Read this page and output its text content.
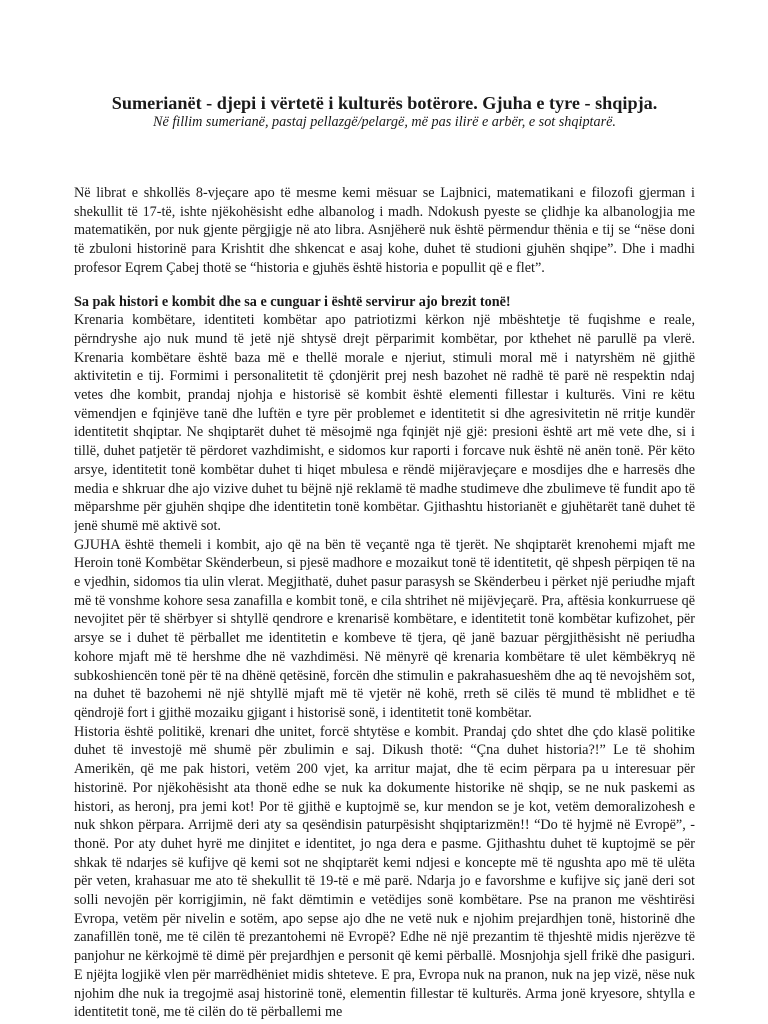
Sumerianët - djepi i vërtetë i kulturës botërore. Gjuha e tyre - shqipja.

Në fillim sumerianë, pastaj pellazgë/pelargë, më pas ilirë e arbër, e sot shqiptarë.

Në librat e shkollës 8-vjeçare apo të mesme kemi mësuar se Lajbnici, matematikani e filozofi gjerman i shekullit të 17-të, ishte njëkohësisht edhe albanolog i madh. Ndokush pyeste se çlidhje ka albanologjia me matematikën, por nuk gjente përgjigje në ato libra. Asnjëherë nuk është përmendur thënia e tij se “nëse doni të zbuloni historinë para Krishtit dhe shkencat e asaj kohe, duhet të studioni gjuhën shqipe”. Dhe i madhi profesor Eqrem Çabej thotë se “historia e gjuhës është historia e popullit që e flet”.

Sa pak histori e kombit dhe sa e cunguar i është servirur ajo brezit tonë!

Krenaria kombëtare, identiteti kombëtar apo patriotizmi kërkon një mbështetje të fuqishme e reale, përndryshe ajo nuk mund të jetë një shtysë drejt përparimit kombëtar, por kthehet në parullë pa vlerë. Krenaria kombëtare është baza më e thellë morale e njeriut, stimuli moral më i natyrshëm në gjithë aktivitetin e tij. Formimi i personalitetit të çdonjërit prej nesh bazohet në radhë të parë në respektin ndaj vetes dhe kombit, prandaj njohja e historisë së kombit është elementi fillestar i kulturës. Vini re këtu vëmendjen e fqinjëve tanë dhe luftën e tyre për problemet e identitetit si dhe agresivitetin në rritje kundër identitetit shqiptar. Ne shqiptarët duhet të mësojmë nga fqinjët një gjë: presioni është art më vete dhe, si i tillë, duhet patjetër të përdoret vazhdimisht, e sidomos kur raporti i forcave nuk është në anën tonë. Për këto arsye, identitetit tonë kombëtar duhet ti hiqet mbulesa e rëndë mijëravjeçare e mosdijes dhe e harresës dhe media e shkruar dhe ajo vizive duhet tu bëjnë një reklamë të madhe studimeve dhe zbulimeve të fundit apo të mëparshme për gjuhën shqipe dhe identitetin tonë kombëtar. Gjithashtu historianët e gjuhëtarët tanë duhet të jenë shumë më aktivë sot.

GJUHA është themeli i kombit, ajo që na bën të veçantë nga të tjerët. Ne shqiptarët krenohemi mjaft me Heroin tonë Kombëtar Skënderbeun, si pjesë madhore e mozaikut tonë të identitetit, që shpesh përpiqen të na e vjedhin, sidomos tia ulin vlerat. Megjithatë, duhet pasur parasysh se Skënderbeu i përket një periudhe mjaft më të vonshme kohore sesa zanafilla e kombit tonë, e cila shtrihet në mijëvjeçarë. Pra, aftësia konkurruese që nevojitet për të shërbyer si shtyllë qendrore e krenarisë kombëtare, e identitetit tonë kombëtar kufizohet, për arsye se i duhet të përballet me identitetin e kombeve të tjera, që janë bazuar përgjithësisht në periudha kohore mjaft më të hershme dhe në vazhdimësi. Në mënyrë që krenaria kombëtare të ulet këmbëkryq në subkoshiencën tonë për të na dhënë qetësinë, forcën dhe stimulin e pakrahasueshëm dhe aq të nevojshëm sot, na duhet të bazohemi në një shtyllë mjaft më të vjetër në kohë, rreth së cilës të mund të mblidhet e të qëndrojë fort i gjithë mozaiku gjigant i historisë sonë, i identitetit tonë kombëtar.

Historia është politikë, krenari dhe unitet, forcë shtytëse e kombit. Prandaj çdo shtet dhe çdo klasë politike duhet të investojë më shumë për zbulimin e saj. Dikush thotë: “Çna duhet historia?!” Le të shohim Amerikën, që me pak histori, vetëm 200 vjet, ka arritur majat, dhe të ecim përpara pa u interesuar për historinë. Por njëkohësisht ata thonë edhe se nuk ka dokumente historike në shqip, se ne nuk paskemi as histori, as heronj, pra jemi kot! Por të gjithë e kuptojmë se, kur mendon se je kot, vetëm demoralizohesh e nuk shkon përpara. Arrijmë deri aty sa qesëndisin paturpësisht shqiptarizmën!! “Do të hyjmë në Evropë”, - thonë. Por aty duhet hyrë me dinjitet e identitet, jo nga dera e pasme. Gjithashtu duhet të kuptojmë se për shkak të ndarjes së kufijve që kemi sot ne shqiptarët kemi ndjesi e koncepte më të ngushta apo më të ulëta për veten, krahasuar me ato të shekullit të 19-të e më parë. Ndarja jo e favorshme e kufijve siç janë deri sot solli nevojën për korrigjimin, në fakt dëmtimin e vetëdijes sonë kombëtare. Pse na pranon me vështirësi Evropa, vetëm për nivelin e sotëm, apo sepse ajo dhe ne vetë nuk e njohim prejardhjen tonë, historinë dhe zanafillën tonë, me të cilën të prezantohemi në Evropë? Edhe në një prezantim të thjeshtë midis njerëzve të panjohur ne kërkojmë të dimë për prejardhjen e personit që kemi përballë. Mosnjohja sjell frikë dhe pasiguri. E njëjta logjikë vlen për marrëdhëniet midis shteteve. E pra, Evropa nuk na pranon, nuk na jep vizë, nëse nuk njohim dhe nuk ia tregojmë asaj historinë tonë, elementin fillestar të kulturës. Arma jonë kryesore, shtylla e identitetit tonë, me të cilën do të përballemi me
